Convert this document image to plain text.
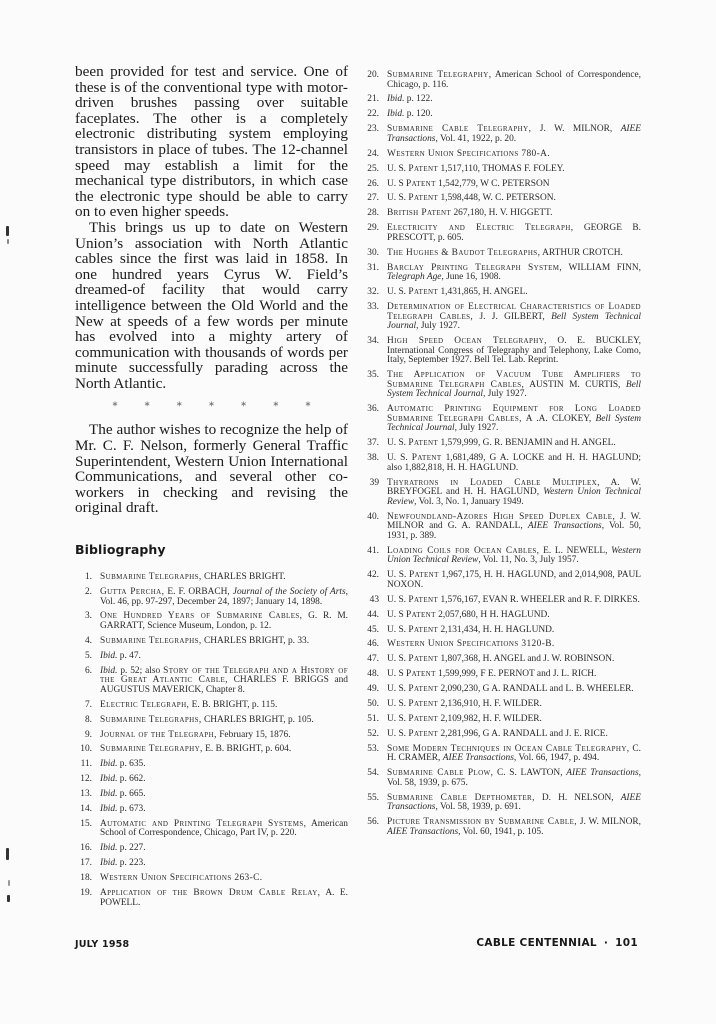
been provided for test and service. One of these is of the conventional type with motor-driven brushes passing over suitable faceplates. The other is a completely electronic distributing system employing transistors in place of tubes. The 12-channel speed may establish a limit for the mechanical type distributors, in which case the electronic type should be able to carry on to even higher speeds.

This brings us up to date on Western Union’s association with North Atlantic cables since the first was laid in 1858. In one hundred years Cyrus W. Field’s dreamed-of facility that would carry intelligence between the Old World and the New at speeds of a few words per minute has evolved into a mighty artery of communication with thousands of words per minute successfully parading across the North Atlantic.

* * * * * * *

The author wishes to recognize the help of Mr. C. F. Nelson, formerly General Traffic Superintendent, Western Union International Communications, and several other co-workers in checking and revising the original draft.

Bibliography
1. Submarine Telegraphs, CHARLES BRIGHT.
2. Gutta Percha, E. F. ORBACH, Journal of the Society of Arts, Vol. 46, pp. 97-297, December 24, 1897; January 14, 1898.
3. One Hundred Years of Submarine Cables, G. R. M. GARRATT, Science Museum, London, p. 12.
4. Submarine Telegraphs, CHARLES BRIGHT, p. 33.
5. Ibid. p. 47.
6. Ibid. p. 52; also Story of the Telegraph and a History of the Great Atlantic Cable, CHARLES F. BRIGGS and AUGUSTUS MAVERICK, Chapter 8.
7. Electric Telegraph, E. B. BRIGHT, p. 115.
8. Submarine Telegraphs, CHARLES BRIGHT, p. 105.
9. Journal of the Telegraph, February 15, 1876.
10. Submarine Telegraphy, E. B. BRIGHT, p. 604.
11. Ibid. p. 635.
12. Ibid. p. 662.
13. Ibid. p. 665.
14. Ibid. p. 673.
15. Automatic and Printing Telegraph Systems, American School of Correspondence, Chicago, Part IV, p. 220.
16. Ibid. p. 227.
17. Ibid. p. 223.
18. Western Union Specifications 263-C.
19. Application of the Brown Drum Cable Relay, A. E. POWELL.
20. Submarine Telegraphy, American School of Correspondence, Chicago, p. 116.
21. Ibid. p. 122.
22. Ibid. p. 120.
23. Submarine Cable Telegraphy, J. W. MILNOR, AIEE Transactions, Vol. 41, 1922, p. 20.
24. Western Union Specifications 780-A.
25. U. S. Patent 1,517,110, THOMAS F. FOLEY.
26. U. S Patent 1,542,779, W C. PETERSON
27. U. S. Patent 1,598,448, W. C. PETERSON.
28. British Patent 267,180, H. V. HIGGETT.
29. Electricity and Electric Telegraph, GEORGE B. PRESCOTT, p. 605.
30. The Hughes & Baudot Telegraphs, ARTHUR CROTCH.
31. Barclay Printing Telegraph System, WILLIAM FINN, Telegraph Age, June 16, 1908.
32. U. S. Patent 1,431,865, H. ANGEL.
33. Determination of Electrical Characteristics of Loaded Telegraph Cables, J. J. GILBERT, Bell System Technical Journal, July 1927.
34. High Speed Ocean Telegraphy, O. E. BUCKLEY, International Congress of Telegraphy and Telephony, Lake Como, Italy, September 1927. Bell Tel. Lab. Reprint.
35. The Application of Vacuum Tube Amplifiers to Submarine Telegraph Cables, AUSTIN M. CURTIS, Bell System Technical Journal, July 1927.
36. Automatic Printing Equipment for Long Loaded Submarine Telegraph Cables, A .A. CLOKEY, Bell System Technical Journal, July 1927.
37. U. S. Patent 1,579,999, G. R. BENJAMIN and H. ANGEL.
38. U. S. Patent 1,681,489, G A. LOCKE and H. H. HAGLUND; also 1,882,818, H. H. HAGLUND.
39 Thyratrons in Loaded Cable Multiplex, A. W. BREYFOGEL and H. H. HAGLUND, Western Union Technical Review, Vol. 3, No. 1, January 1949.
40. Newfoundland-Azores High Speed Duplex Cable, J. W. MILNOR and G. A. RANDALL, AIEE Transactions, Vol. 50, 1931, p. 389.
41. Loading Coils for Ocean Cables, E. L. NEWELL, Western Union Technical Review, Vol. 11, No. 3, July 1957.
42. U. S. Patent 1,967,175, H. H. HAGLUND, and 2,014,908, PAUL NOXON.
43 U. S. Patent 1,576,167, EVAN R. WHEELER and R. F. DIRKES.
44. U. S Patent 2,057,680, H H. HAGLUND.
45. U. S. Patent 2,131,434, H. H. HAGLUND.
46. Western Union Specifications 3120-B.
47. U. S. Patent 1,807,368, H. ANGEL and J. W. ROBINSON.
48. U. S Patent 1,599,999, F E. PERNOT and J. L. RICH.
49. U. S. Patent 2,090,230, G A. RANDALL and L. B. WHEELER.
50. U. S. Patent 2,136,910, H. F. WILDER.
51. U. S. Patent 2,109,982, H. F. WILDER.
52. U. S. Patent 2,281,996, G A. RANDALL and J. E. RICE.
53. Some Modern Techniques in Ocean Cable Telegraphy, C. H. CRAMER, AIEE Transactions, Vol. 66, 1947, p. 494.
54. Submarine Cable Plow, C. S. LAWTON, AIEE Transactions, Vol. 58, 1939, p. 675.
55. Submarine Cable Depthometer, D. H. NELSON, AIEE Transactions, Vol. 58, 1939, p. 691.
56. Picture Transmission by Submarine Cable, J. W. MILNOR, AIEE Transactions, Vol. 60, 1941, p. 105.
JULY 1958	CABLE CENTENNIAL · 101
